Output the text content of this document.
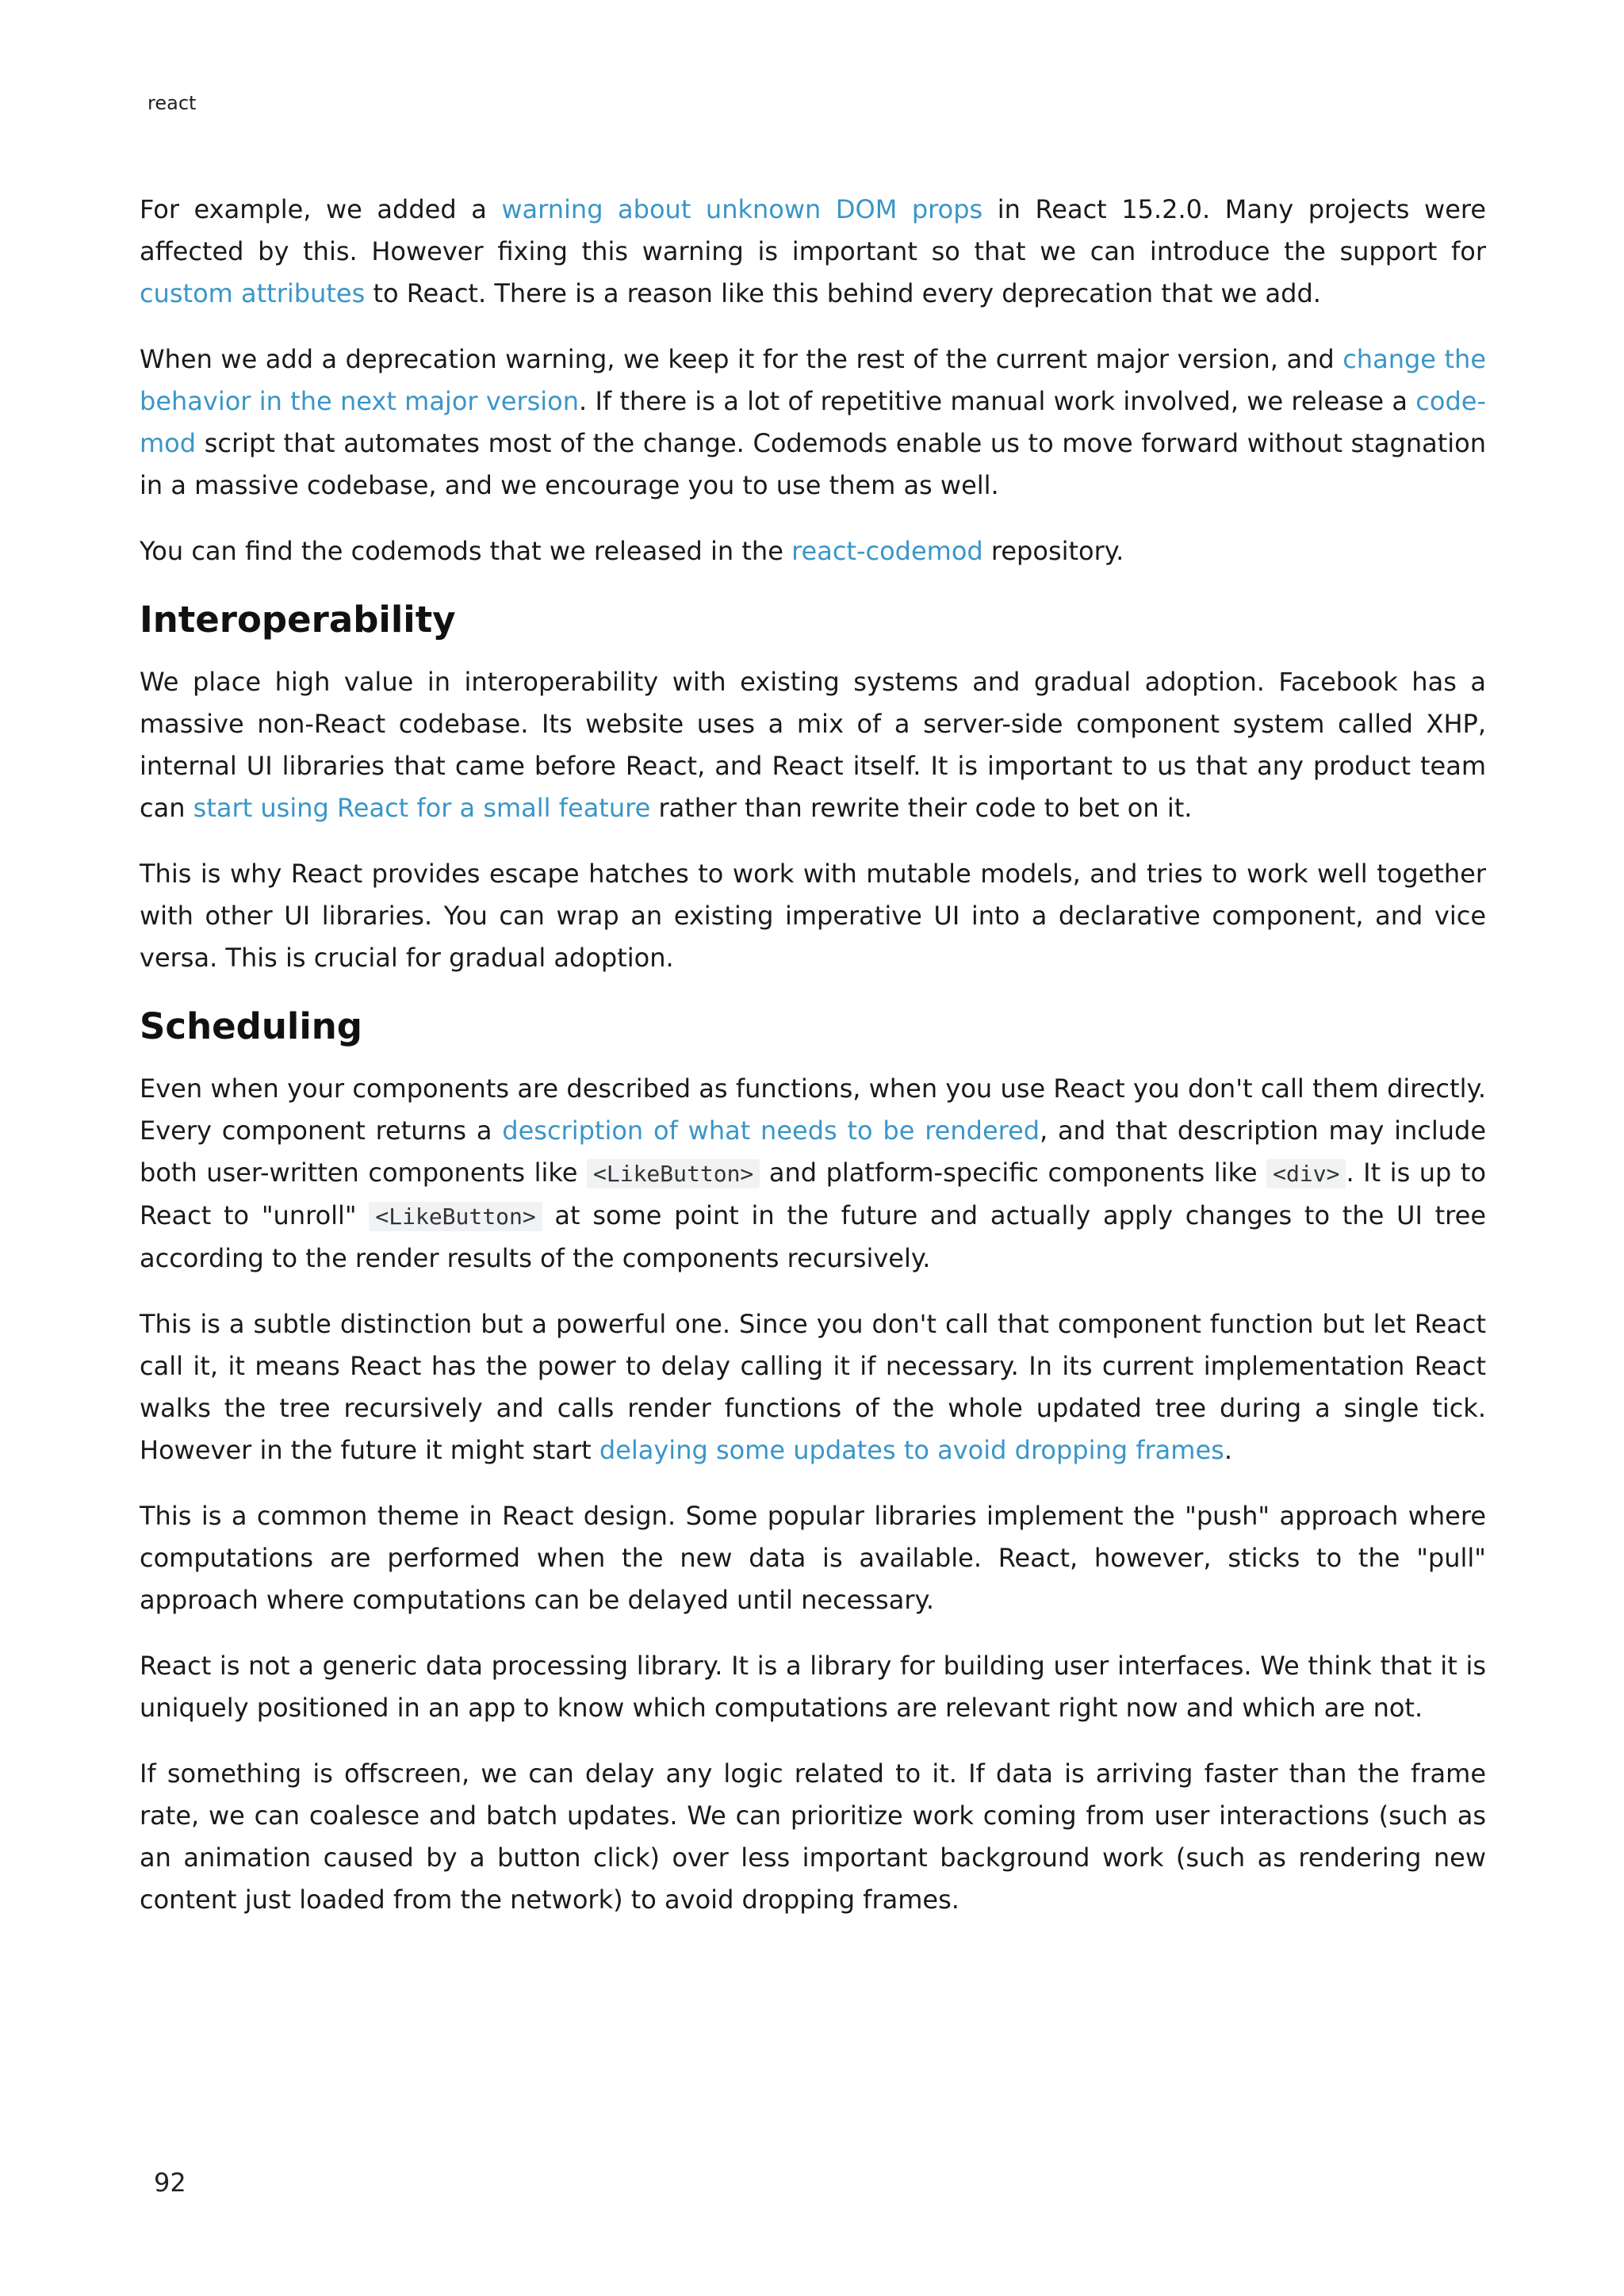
react

For example, we added a warning about unknown DOM props in React 15.2.0. Many projects were affected by this. However fixing this warning is important so that we can introduce the support for custom attributes to React. There is a reason like this behind every deprecation that we add.

When we add a deprecation warning, we keep it for the rest of the current major version, and change the behavior in the next major version. If there is a lot of repetitive manual work involved, we release a codemod script that automates most of the change. Codemods enable us to move forward without stagnation in a massive codebase, and we encourage you to use them as well.

You can find the codemods that we released in the react-codemod repository.

Interoperability

We place high value in interoperability with existing systems and gradual adoption. Facebook has a massive non-React codebase. Its website uses a mix of a server-side component system called XHP, internal UI libraries that came before React, and React itself. It is important to us that any product team can start using React for a small feature rather than rewrite their code to bet on it.

This is why React provides escape hatches to work with mutable models, and tries to work well together with other UI libraries. You can wrap an existing imperative UI into a declarative component, and vice versa. This is crucial for gradual adoption.

Scheduling

Even when your components are described as functions, when you use React you don't call them directly. Every component returns a description of what needs to be rendered, and that description may include both user-written components like <LikeButton> and platform-specific components like <div> . It is up to React to "unroll" <LikeButton> at some point in the future and actually apply changes to the UI tree according to the render results of the components recursively.

This is a subtle distinction but a powerful one. Since you don't call that component function but let React call it, it means React has the power to delay calling it if necessary. In its current implementation React walks the tree recursively and calls render functions of the whole updated tree during a single tick. However in the future it might start delaying some updates to avoid dropping frames.

This is a common theme in React design. Some popular libraries implement the "push" approach where computations are performed when the new data is available. React, however, sticks to the "pull" approach where computations can be delayed until necessary.

React is not a generic data processing library. It is a library for building user interfaces. We think that it is uniquely positioned in an app to know which computations are relevant right now and which are not.

If something is offscreen, we can delay any logic related to it. If data is arriving faster than the frame rate, we can coalesce and batch updates. We can prioritize work coming from user interactions (such as an animation caused by a button click) over less important background work (such as rendering new content just loaded from the network) to avoid dropping frames.

92
